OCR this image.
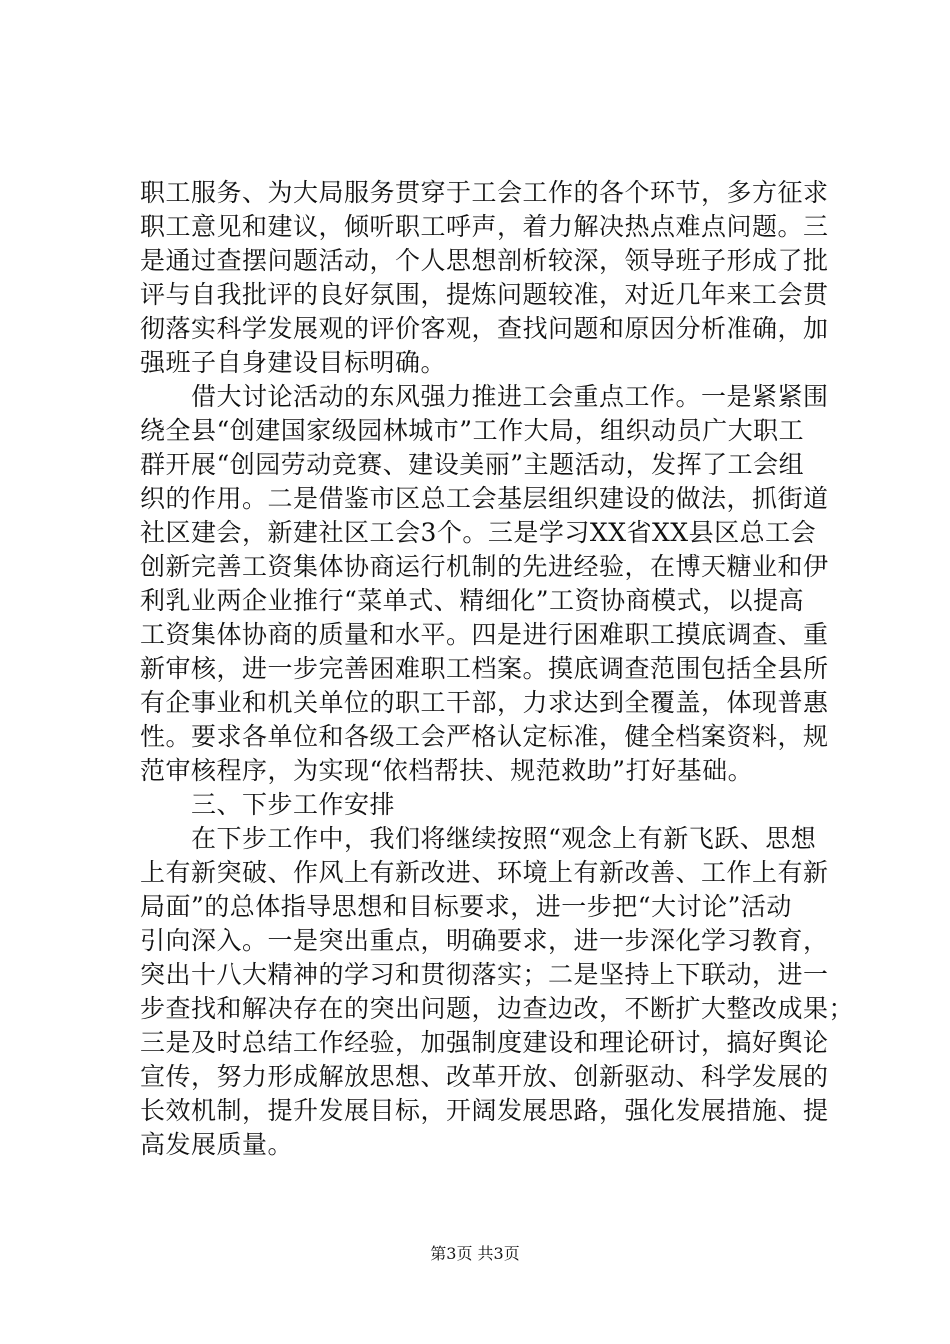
职工服务、为大局服务贯穿于工会工作的各个环节，多方征求
职工意见和建议，倾听职工呼声，着力解决热点难点问题。三
是通过查摆问题活动，个人思想剖析较深，领导班子形成了批
评与自我批评的良好氛围，提炼问题较准，对近几年来工会贯
彻落实科学发展观的评价客观，查找问题和原因分析准确，加
强班子自身建设目标明确。
　　借大讨论活动的东风强力推进工会重点工作。一是紧紧围
绕全县“创建国家级园林城市”工作大局，组织动员广大职工
群开展“创园劳动竞赛、建设美丽”主题活动，发挥了工会组
织的作用。二是借鉴市区总工会基层组织建设的做法，抓街道
社区建会，新建社区工会3个。三是学习XX省XX县区总工会
创新完善工资集体协商运行机制的先进经验，在博天糖业和伊
利乳业两企业推行“菜单式、精细化”工资协商模式，以提高
工资集体协商的质量和水平。四是进行困难职工摸底调查、重
新审核，进一步完善困难职工档案。摸底调查范围包括全县所
有企事业和机关单位的职工干部，力求达到全覆盖，体现普惠
性。要求各单位和各级工会严格认定标准，健全档案资料，规
范审核程序，为实现“依档帮扶、规范救助”打好基础。
　　三、下步工作安排
　　在下步工作中，我们将继续按照“观念上有新飞跃、思想
上有新突破、作风上有新改进、环境上有新改善、工作上有新
局面”的总体指导思想和目标要求，进一步把“大讨论”活动
引向深入。一是突出重点，明确要求，进一步深化学习教育，
突出十八大精神的学习和贯彻落实；二是坚持上下联动，进一
步查找和解决存在的突出问题，边查边改，不断扩大整改成果；
三是及时总结工作经验，加强制度建设和理论研讨，搞好舆论
宣传，努力形成解放思想、改革开放、创新驱动、科学发展的
长效机制，提升发展目标，开阔发展思路，强化发展措施、提
高发展质量。
第3页 共3页
